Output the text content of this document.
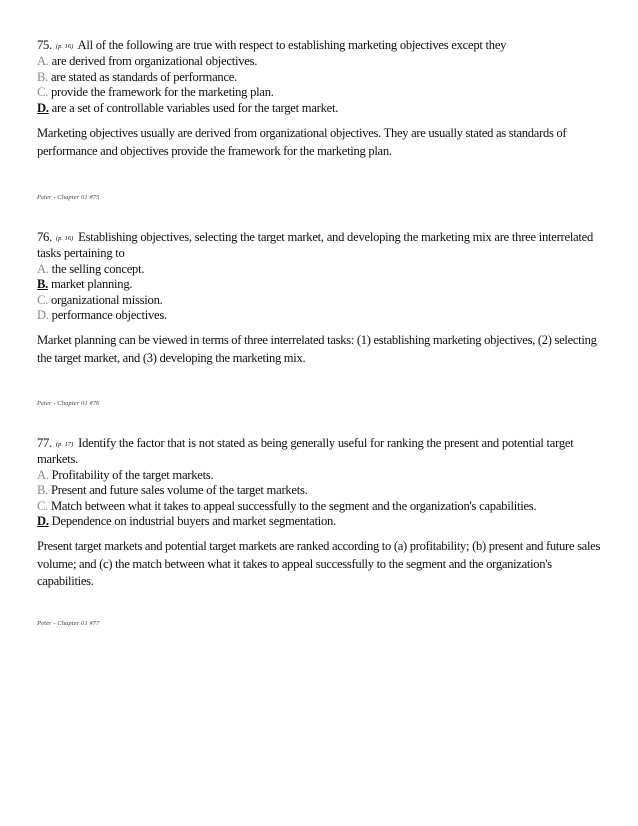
75. (p. 16) All of the following are true with respect to establishing marketing objectives except they
A. are derived from organizational objectives.
B. are stated as standards of performance.
C. provide the framework for the marketing plan.
D. are a set of controllable variables used for the target market.
Marketing objectives usually are derived from organizational objectives. They are usually stated as standards of performance and objectives provide the framework for the marketing plan.
Peter - Chapter 01 #75
76. (p. 16) Establishing objectives, selecting the target market, and developing the marketing mix are three interrelated tasks pertaining to
A. the selling concept.
B. market planning.
C. organizational mission.
D. performance objectives.
Market planning can be viewed in terms of three interrelated tasks: (1) establishing marketing objectives, (2) selecting the target market, and (3) developing the marketing mix.
Peter - Chapter 01 #76
77. (p. 17) Identify the factor that is not stated as being generally useful for ranking the present and potential target markets.
A. Profitability of the target markets.
B. Present and future sales volume of the target markets.
C. Match between what it takes to appeal successfully to the segment and the organization's capabilities.
D. Dependence on industrial buyers and market segmentation.
Present target markets and potential target markets are ranked according to (a) profitability; (b) present and future sales volume; and (c) the match between what it takes to appeal successfully to the segment and the organization's capabilities.
Peter - Chapter 01 #77
